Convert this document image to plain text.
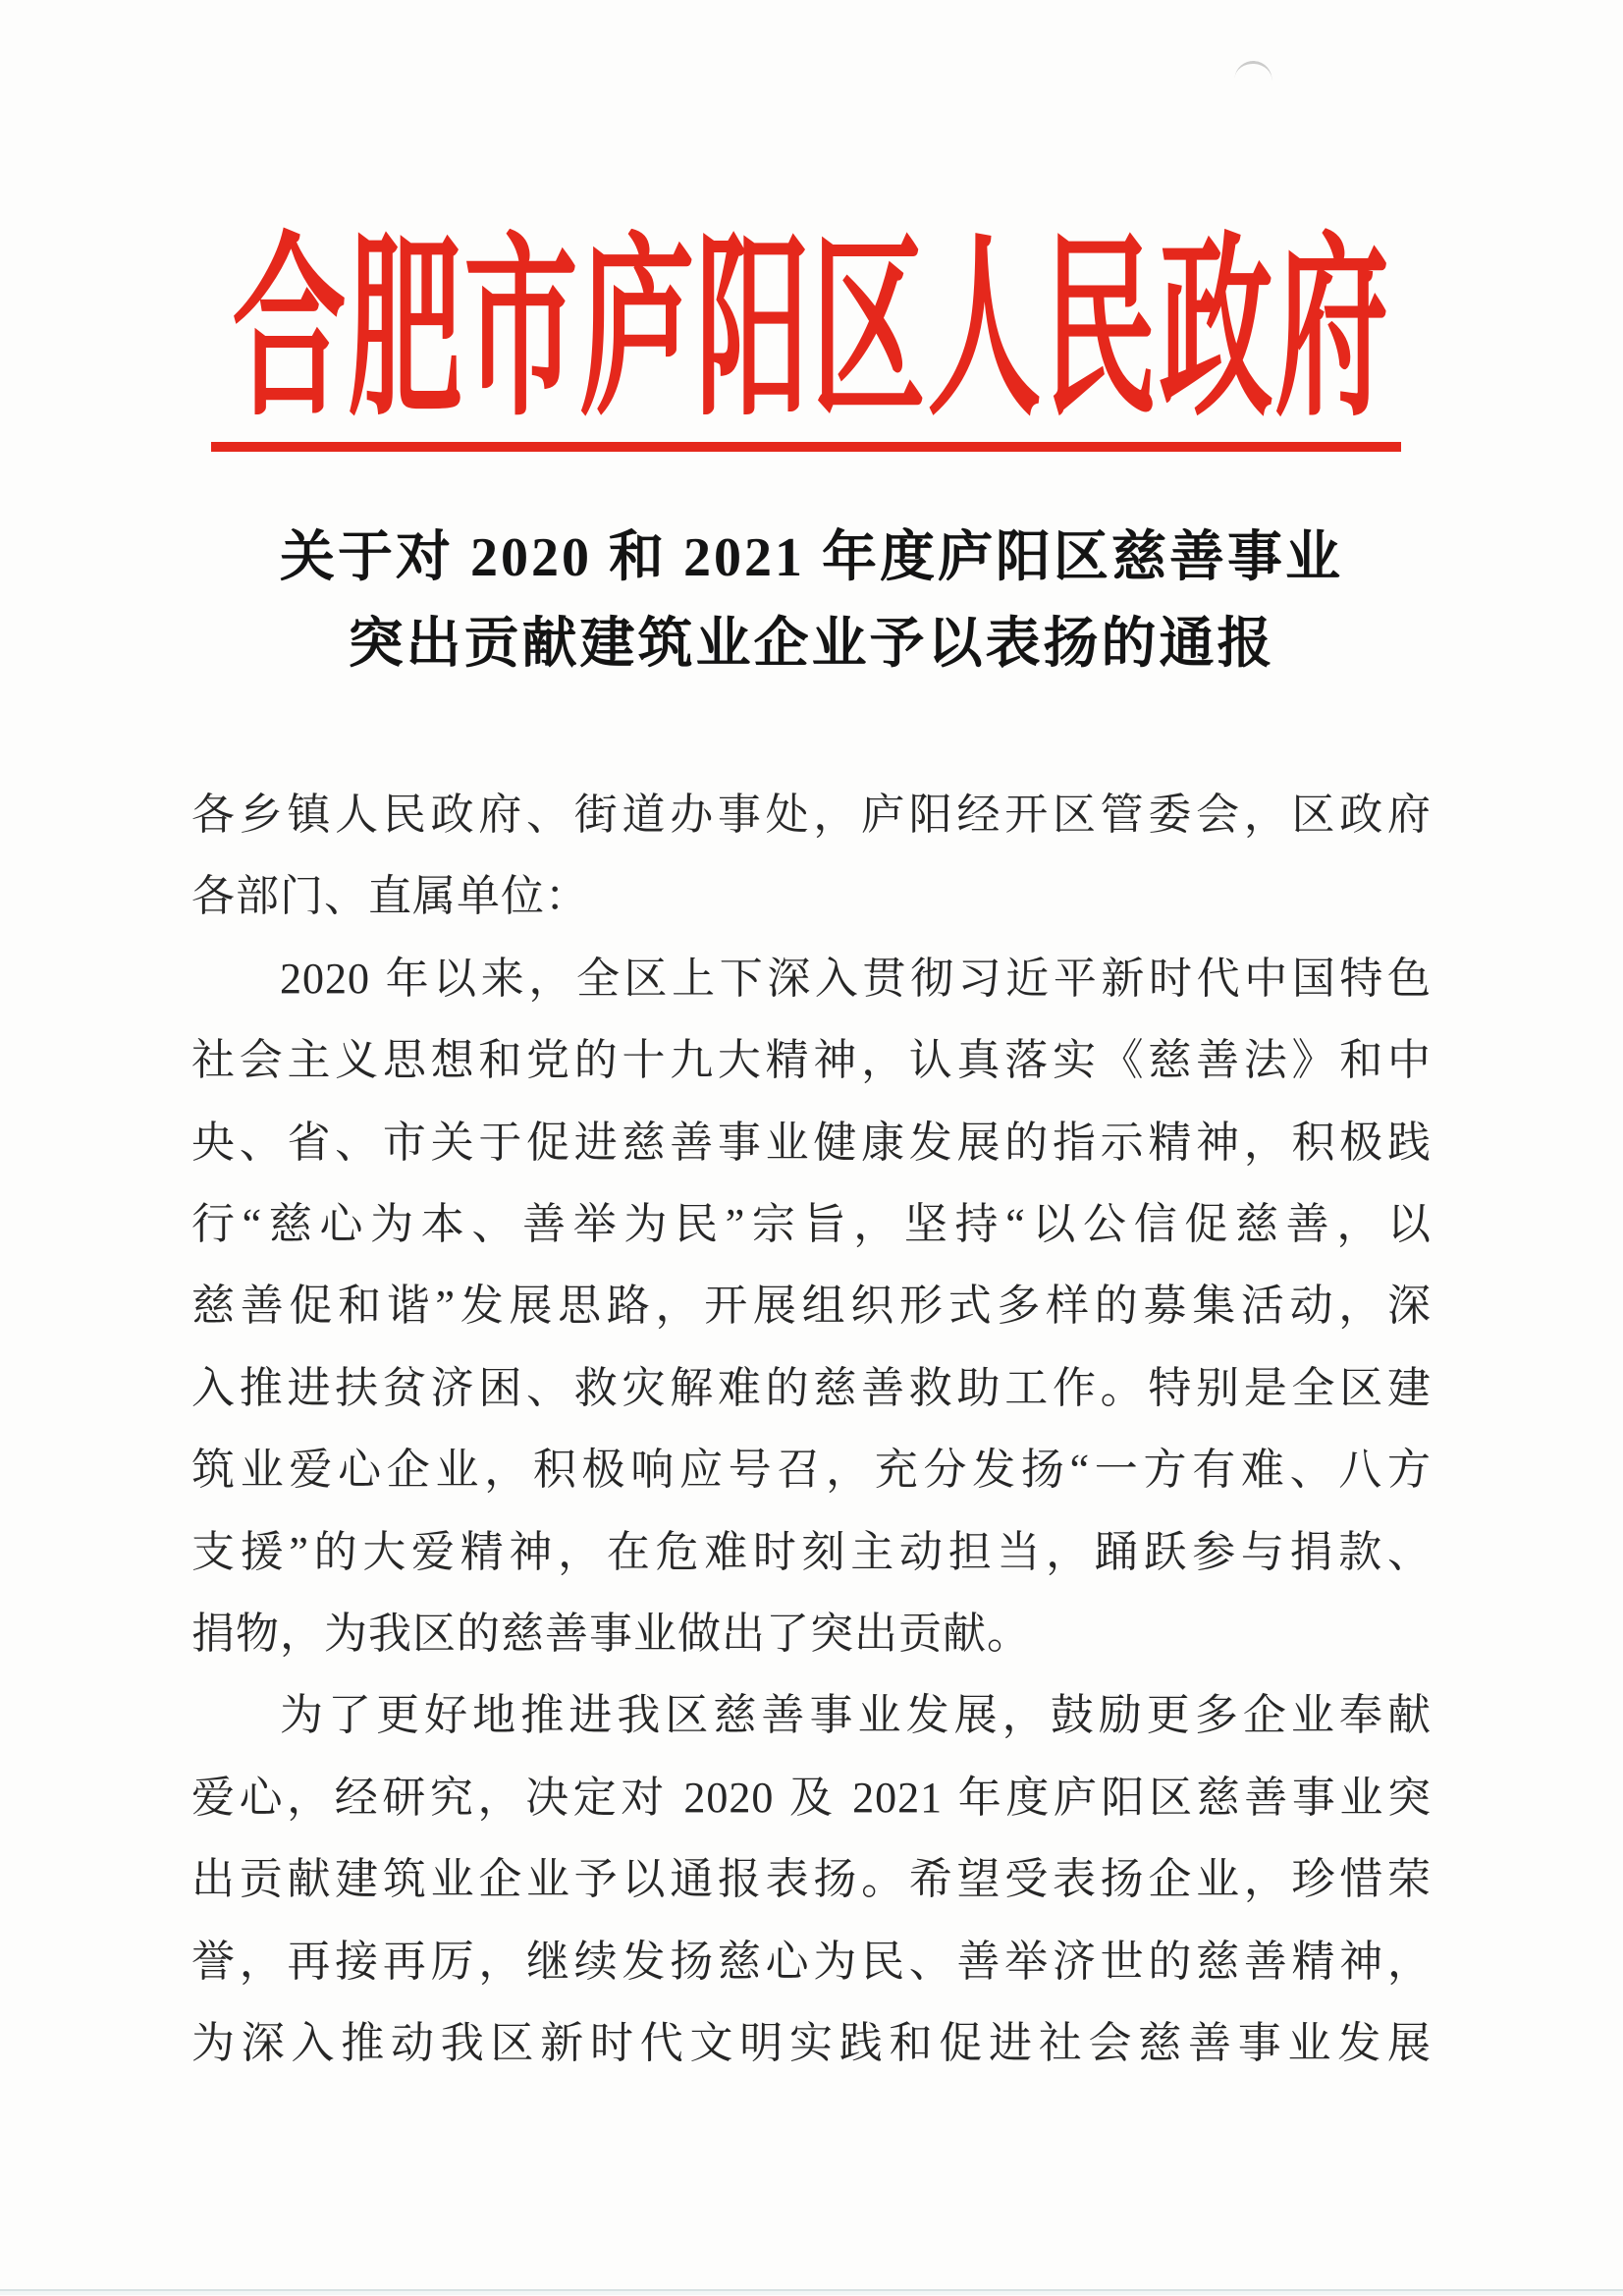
合肥市庐阳区人民政府
关于对 2020 和 2021 年度庐阳区慈善事业
突出贡献建筑业企业予以表扬的通报
各乡镇人民政府、街道办事处，庐阳经开区管委会，区政府
各部门、直属单位：
2020 年以来，全区上下深入贯彻习近平新时代中国特色
社会主义思想和党的十九大精神，认真落实《慈善法》和中
央、省、市关于促进慈善事业健康发展的指示精神，积极践
行“慈心为本、善举为民”宗旨，坚持“以公信促慈善，以
慈善促和谐”发展思路，开展组织形式多样的募集活动，深
入推进扶贫济困、救灾解难的慈善救助工作。特别是全区建
筑业爱心企业，积极响应号召，充分发扬“一方有难、八方
支援”的大爱精神，在危难时刻主动担当，踊跃参与捐款、
捐物，为我区的慈善事业做出了突出贡献。
为了更好地推进我区慈善事业发展，鼓励更多企业奉献
爱心，经研究，决定对 2020 及 2021 年度庐阳区慈善事业突
出贡献建筑业企业予以通报表扬。希望受表扬企业，珍惜荣
誉，再接再厉，继续发扬慈心为民、善举济世的慈善精神，
为深入推动我区新时代文明实践和促进社会慈善事业发展
